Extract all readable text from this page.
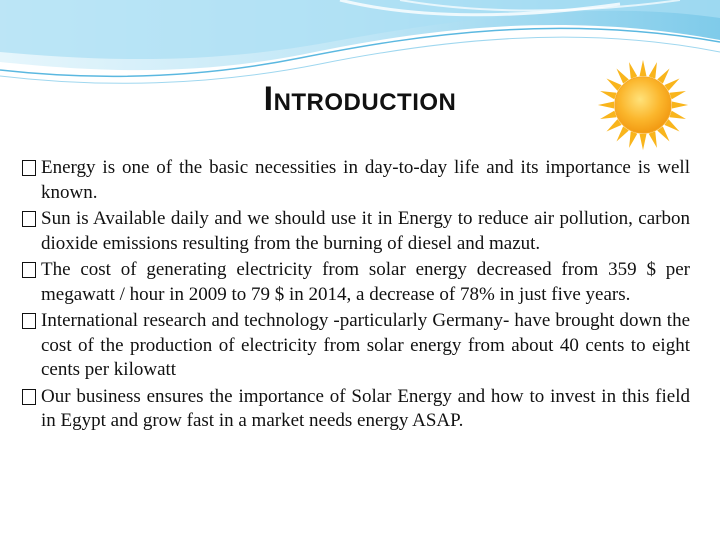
INTRODUCTION
Energy is one of the basic necessities in day-to-day life and its importance is well known.
Sun is Available daily and we should use it in Energy to reduce air pollution, carbon dioxide emissions resulting from the burning of diesel and mazut.
The cost of generating electricity from solar energy decreased from 359 $ per megawatt / hour in 2009 to 79 $ in 2014, a decrease of 78% in just five years.
International research and technology -particularly Germany- have brought down the cost of the production of electricity from solar energy from about 40 cents to eight cents per kilowatt
Our business ensures the importance of Solar Energy and how to invest in this field in Egypt and grow fast in a market needs energy ASAP.
